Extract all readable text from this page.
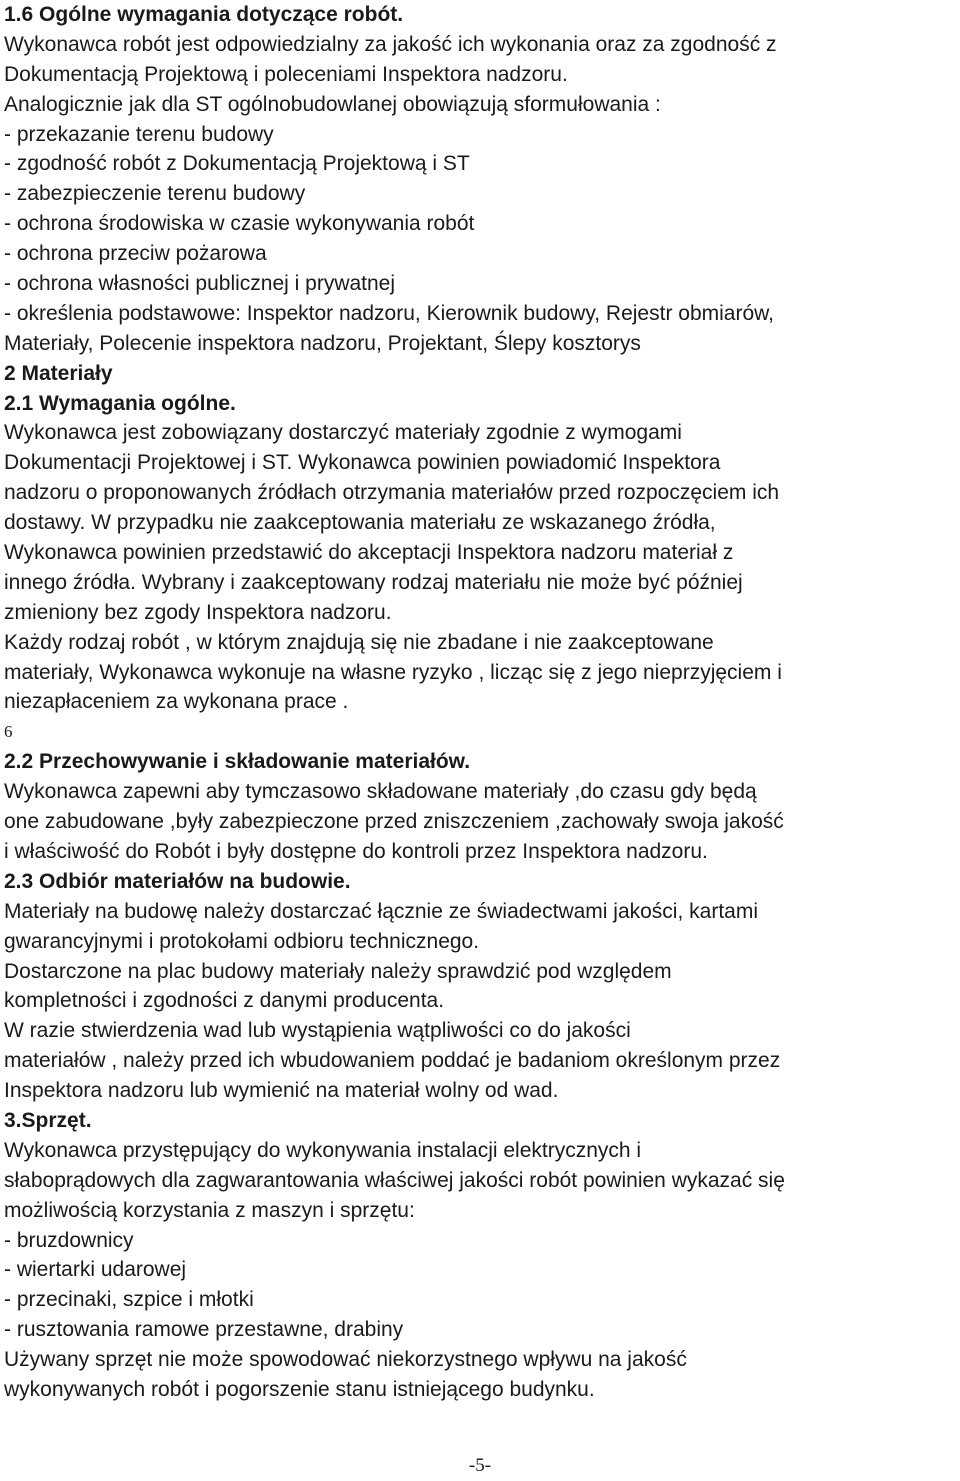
1.6 Ogólne wymagania dotyczące robót.
Wykonawca robót jest odpowiedzialny za jakość ich wykonania oraz za zgodność z
Dokumentacją Projektową i poleceniami Inspektora nadzoru.
Analogicznie jak dla ST ogólnobudowlanej obowiązują sformułowania :
- przekazanie terenu budowy
- zgodność robót z Dokumentacją Projektową i ST
- zabezpieczenie terenu budowy
- ochrona środowiska w czasie wykonywania robót
- ochrona przeciw pożarowa
- ochrona własności publicznej i prywatnej
- określenia podstawowe: Inspektor nadzoru, Kierownik budowy, Rejestr obmiarów,
Materiały, Polecenie inspektora nadzoru, Projektant, Ślepy kosztorys
2 Materiały
2.1 Wymagania ogólne.
Wykonawca jest zobowiązany dostarczyć materiały zgodnie z wymogami
Dokumentacji Projektowej i ST. Wykonawca powinien powiadomić Inspektora
nadzoru o proponowanych źródłach otrzymania materiałów przed rozpoczęciem ich
dostawy. W przypadku nie zaakceptowania materiału ze wskazanego źródła,
Wykonawca powinien przedstawić do akceptacji Inspektora nadzoru materiał z
innego źródła. Wybrany i zaakceptowany rodzaj materiału nie może być później
zmieniony bez zgody Inspektora nadzoru.
Każdy rodzaj robót , w którym znajdują się nie zbadane i nie zaakceptowane
materiały, Wykonawca wykonuje na własne ryzyko , licząc się z jego nieprzyjęciem i
niezapłaceniem za wykonana prace .
6
2.2 Przechowywanie i składowanie materiałów.
Wykonawca zapewni aby tymczasowo składowane materiały ,do czasu gdy będą
one zabudowane ,były zabezpieczone przed zniszczeniem ,zachowały swoja jakość
i właściwość do Robót i były dostępne do kontroli przez Inspektora nadzoru.
2.3 Odbiór materiałów na budowie.
Materiały na budowę należy dostarczać łącznie ze świadectwami jakości, kartami
gwarancyjnymi i protokołami odbioru technicznego.
Dostarczone na plac budowy materiały należy sprawdzić pod względem
kompletności i zgodności z danymi producenta.
W razie stwierdzenia wad lub wystąpienia wątpliwości co do jakości
materiałów , należy przed ich wbudowaniem poddać je badaniom określonym przez
Inspektora nadzoru lub wymienić na materiał wolny od wad.
3.Sprzęt.
Wykonawca przystępujący do wykonywania instalacji elektrycznych i
słaboprądowych dla zagwarantowania właściwej jakości robót powinien wykazać się
możliwością korzystania z maszyn i sprzętu:
- bruzdownicy
- wiertarki udarowej
- przecinaki, szpice i młotki
- rusztowania ramowe przestawne, drabiny
Używany sprzęt nie może spowodować niekorzystnego wpływu na jakość
wykonywanych robót i pogorszenie stanu istniejącego budynku.
-5-
